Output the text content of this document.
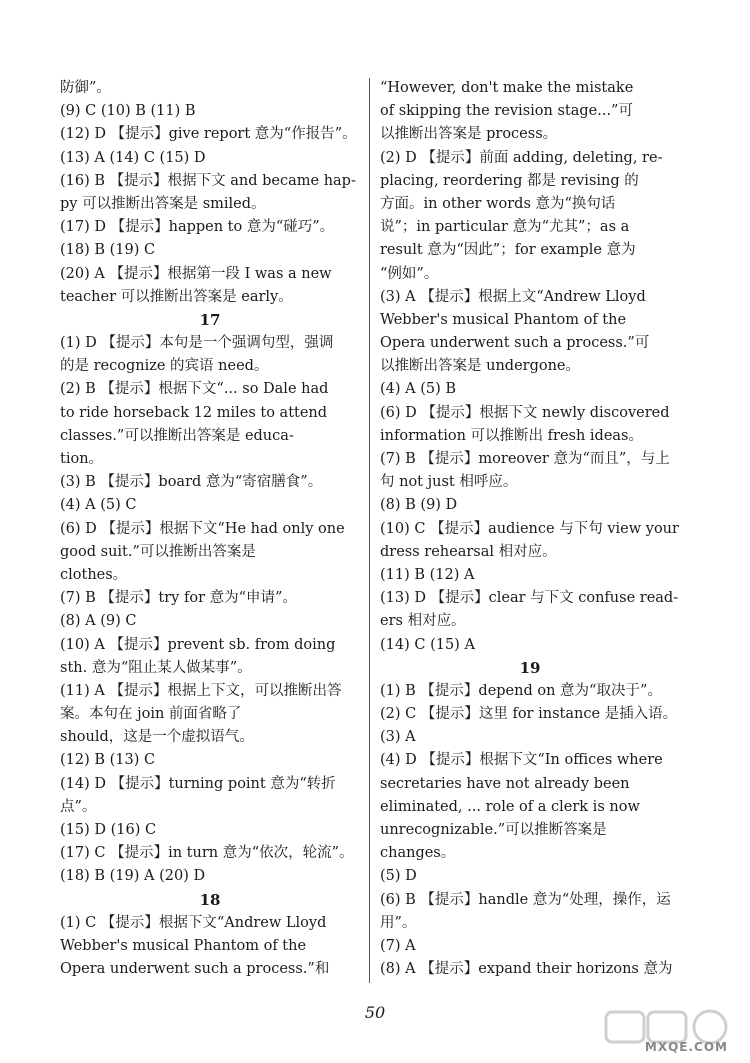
防御”。
(9) C (10) B (11) B
(12) D 【提示】give report 意为“作报告”。
(13) A (14) C (15) D
(16) B 【提示】根据下文 and became hap-
py 可以推断出答案是 smiled。
(17) D 【提示】happen to 意为“碰巧”。
(18) B (19) C
(20) A 【提示】根据第一段 I was a new
teacher 可以推断出答案是 early。
17
(1) D 【提示】本句是一个强调句型，强调
的是 recognize 的宾语 need。
(2) B 【提示】根据下文“... so Dale had
to ride horseback 12 miles to attend
classes.”可以推断出答案是 educa-
tion。
(3) B 【提示】board 意为“寄宿膳食”。
(4) A (5) C
(6) D 【提示】根据下文“He had only one
good suit.”可以推断出答案是
clothes。
(7) B 【提示】try for 意为“申请”。
(8) A (9) C
(10) A 【提示】prevent sb. from doing
sth. 意为“阻止某人做某事”。
(11) A 【提示】根据上下文，可以推断出答
案。本句在 join 前面省略了
should，这是一个虚拟语气。
(12) B (13) C
(14) D 【提示】turning point 意为“转折
点”。
(15) D (16) C
(17) C 【提示】in turn 意为“依次，轮流”。
(18) B (19) A (20) D
18
(1) C 【提示】根据下文“Andrew Lloyd
Webber's musical Phantom of the
Opera underwent such a process.”和
“However, don't make the mistake
of skipping the revision stage...”可
以推断出答案是 process。
(2) D 【提示】前面 adding, deleting, re-
placing, reordering 都是 revising 的
方面。in other words 意为“换句话
说”；in particular 意为“尤其”；as a
result 意为“因此”；for example 意为
“例如”。
(3) A 【提示】根据上文“Andrew Lloyd
Webber's musical Phantom of the
Opera underwent such a process.”可
以推断出答案是 undergone。
(4) A (5) B
(6) D 【提示】根据下文 newly discovered
information 可以推断出 fresh ideas。
(7) B 【提示】moreover 意为“而且”，与上
句 not just 相呼应。
(8) B (9) D
(10) C 【提示】audience 与下句 view your
dress rehearsal 相对应。
(11) B (12) A
(13) D 【提示】clear 与下文 confuse read-
ers 相对应。
(14) C (15) A
19
(1) B 【提示】depend on 意为“取决于”。
(2) C 【提示】这里 for instance 是插入语。
(3) A
(4) D 【提示】根据下文“In offices where
secretaries have not already been
eliminated, ... role of a clerk is now
unrecognizable.”可以推断答案是
changes。
(5) D
(6) B 【提示】handle 意为“处理，操作，运
用”。
(7) A
(8) A 【提示】expand their horizons 意为
50
MXQE.COM
